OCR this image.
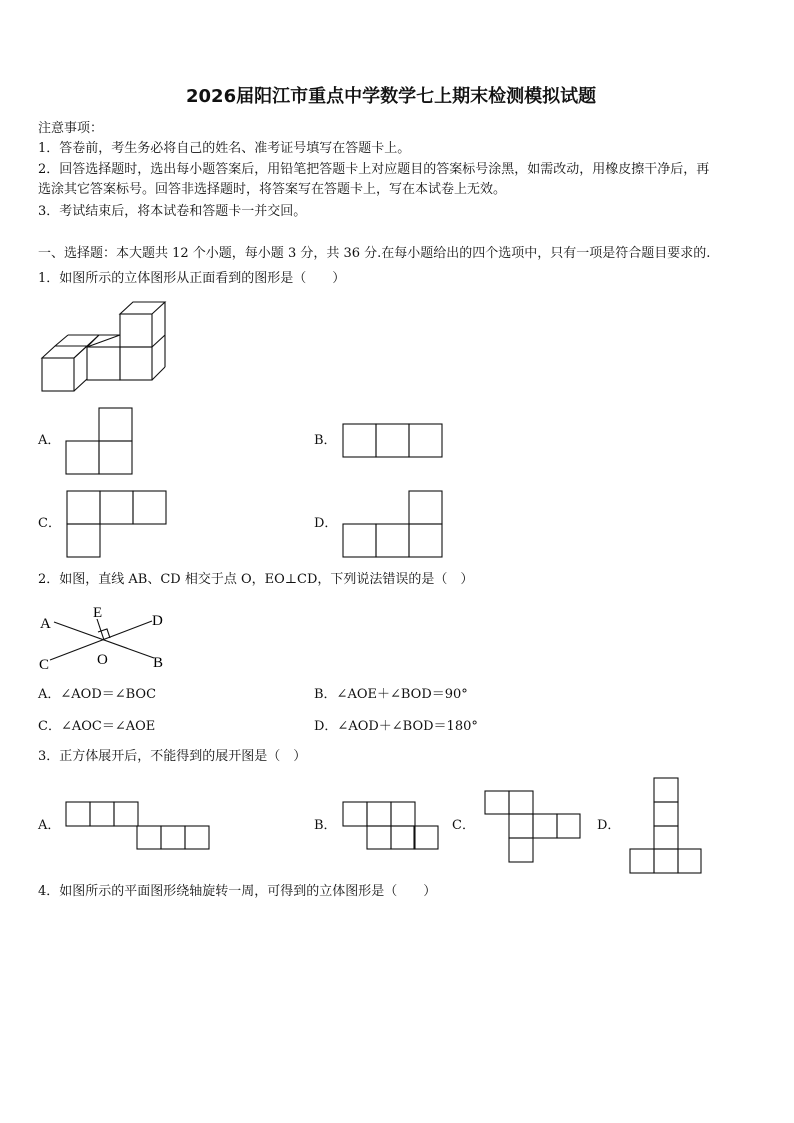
2026届阳江市重点中学数学七上期末检测模拟试题
注意事项：
1．答卷前，考生务必将自己的姓名、准考证号填写在答题卡上。
2．回答选择题时，选出每小题答案后，用铅笔把答题卡上对应题目的答案标号涂黑，如需改动，用橡皮擦干净后，再
选涂其它答案标号。回答非选择题时，将答案写在答题卡上，写在本试卷上无效。
3．考试结束后，将本试卷和答题卡一并交回。
一、选择题：本大题共 12 个小题，每小题 3 分，共 36 分.在每小题给出的四个选项中，只有一项是符合题目要求的.
1．如图所示的立体图形从正面看到的图形是（　　）
A．	B．
C．	D．
2．如图，直线 AB、CD 相交于点 O，EO⊥CD，下列说法错误的是（　）
A
E	D
C	O	B
A．∠AOD＝∠BOC	B．∠AOE＋∠BOD＝90°
C．∠AOC＝∠AOE	D．∠AOD＋∠BOD＝180°
3．正方体展开后，不能得到的展开图是（　）
A．	B．	C．	D．
4．如图所示的平面图形绕轴旋转一周，可得到的立体图形是（　　）
